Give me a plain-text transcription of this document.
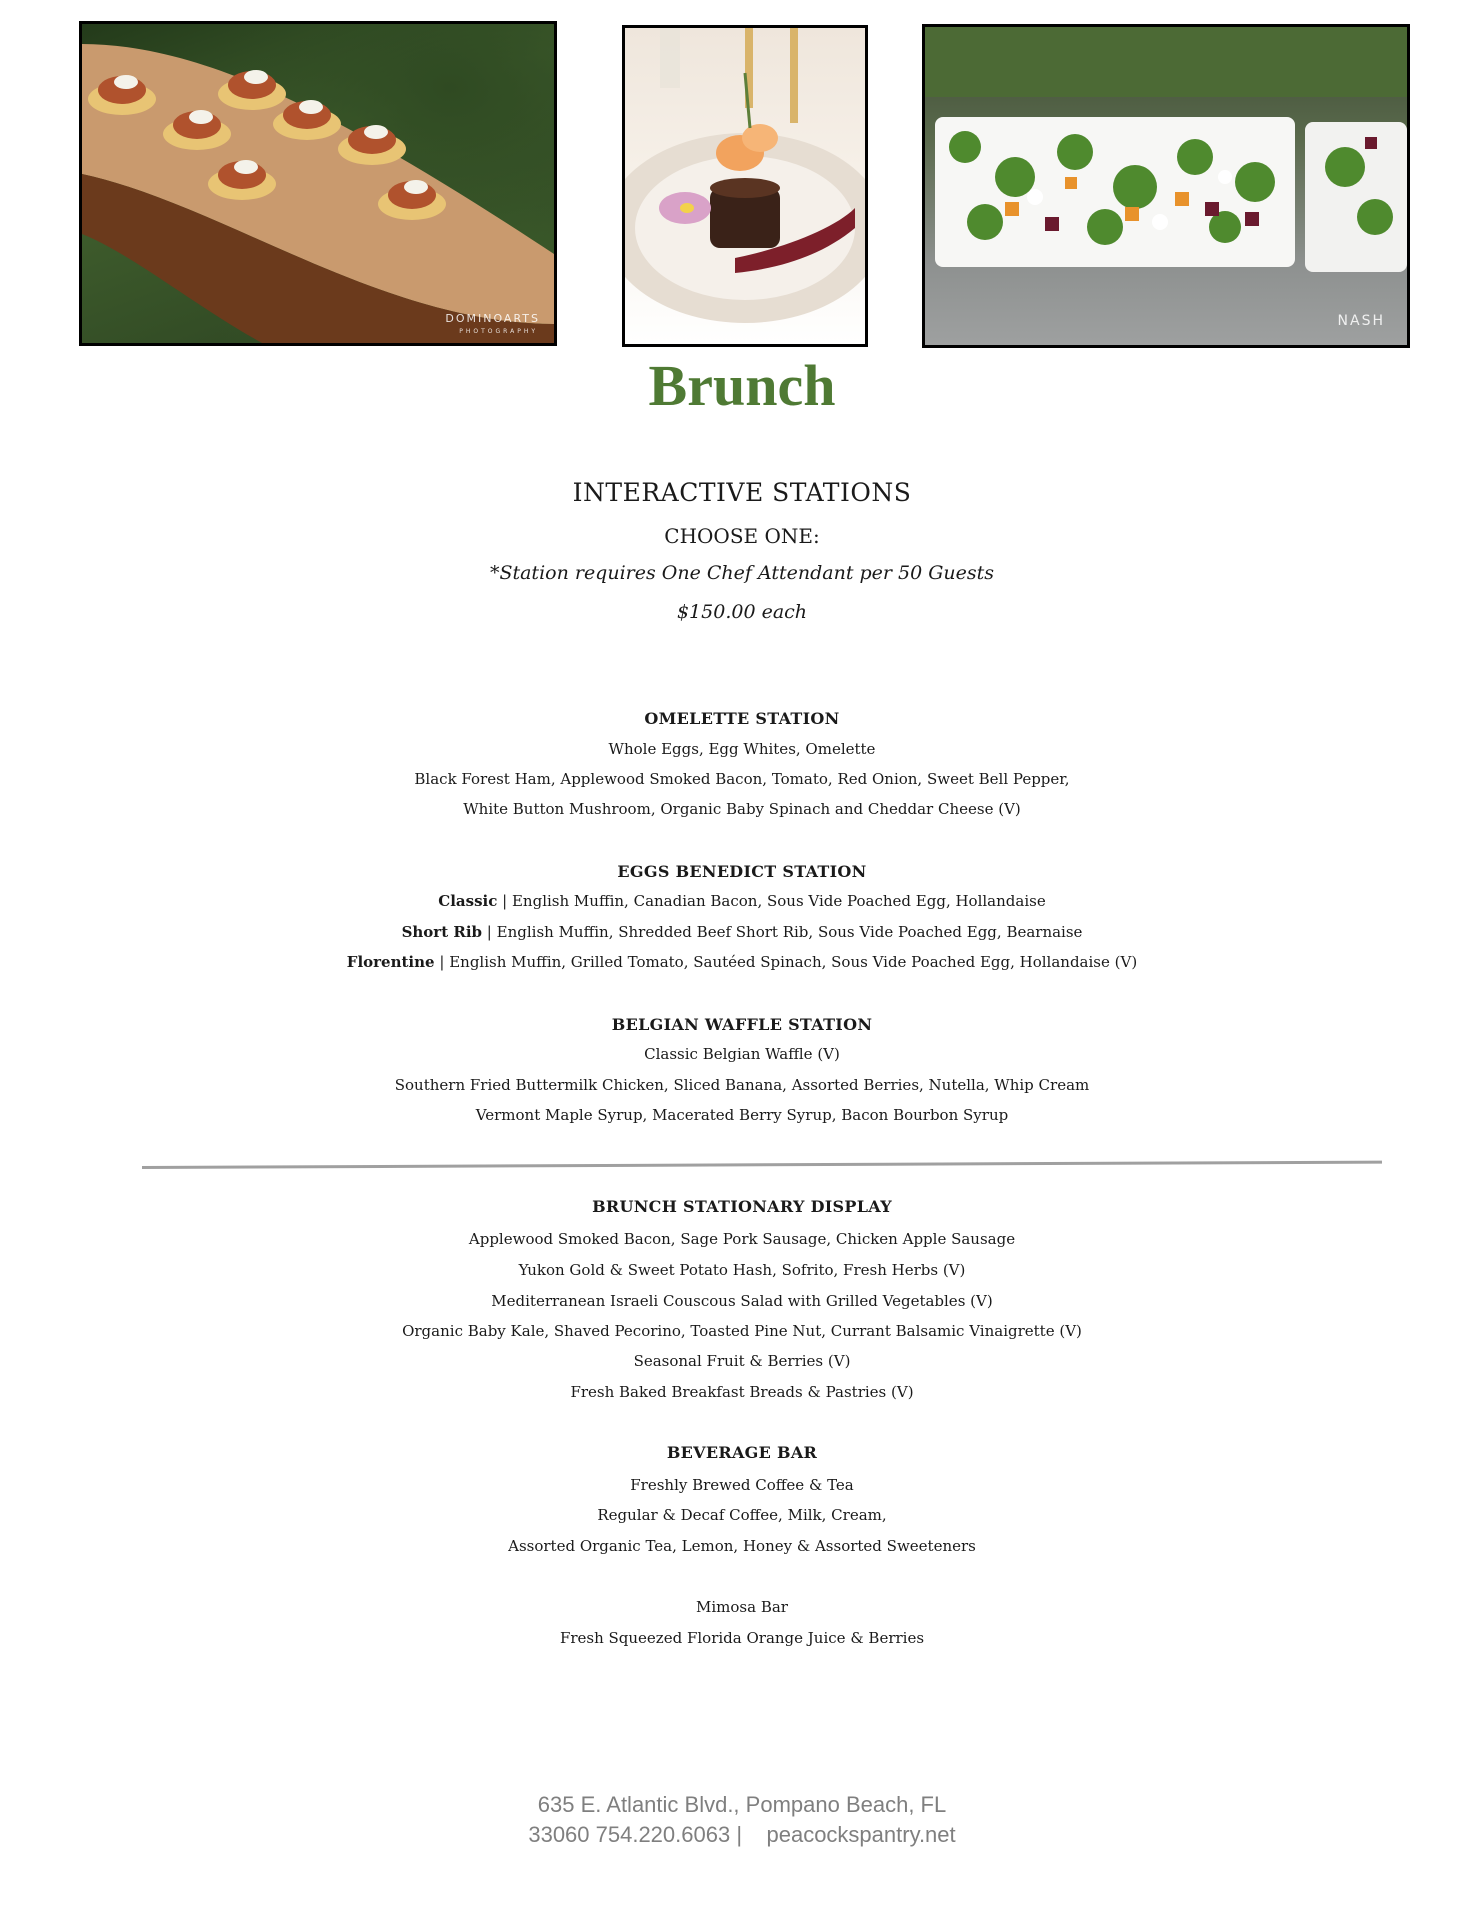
DOMINOARTS
PHOTOGRAPHY
NASH
Brunch

INTERACTIVE STATIONS

CHOOSE ONE:

*Station requires One Chef Attendant per 50 Guests

$150.00 each

OMELETTE STATION

Whole Eggs, Egg Whites, Omelette

Black Forest Ham, Applewood Smoked Bacon, Tomato, Red Onion, Sweet Bell Pepper,

White Button Mushroom, Organic Baby Spinach and Cheddar Cheese (V)

EGGS BENEDICT STATION

Classic | English Muffin, Canadian Bacon, Sous Vide Poached Egg, Hollandaise

Short Rib | English Muffin, Shredded Beef Short Rib, Sous Vide Poached Egg, Bearnaise

Florentine | English Muffin, Grilled Tomato, Sautéed Spinach, Sous Vide Poached Egg, Hollandaise (V)

BELGIAN WAFFLE STATION

Classic Belgian Waffle (V)

Southern Fried Buttermilk Chicken, Sliced Banana, Assorted Berries, Nutella, Whip Cream

Vermont Maple Syrup, Macerated Berry Syrup, Bacon Bourbon Syrup

BRUNCH STATIONARY DISPLAY

Applewood Smoked Bacon, Sage Pork Sausage, Chicken Apple Sausage

Yukon Gold & Sweet Potato Hash, Sofrito, Fresh Herbs (V)

Mediterranean Israeli Couscous Salad with Grilled Vegetables (V)

Organic Baby Kale, Shaved Pecorino, Toasted Pine Nut, Currant Balsamic Vinaigrette (V)

Seasonal Fruit & Berries (V)

Fresh Baked Breakfast Breads & Pastries (V)

BEVERAGE BAR

Freshly Brewed Coffee & Tea

Regular & Decaf Coffee, Milk, Cream,

Assorted Organic Tea, Lemon, Honey & Assorted Sweeteners

Mimosa Bar

Fresh Squeezed Florida Orange Juice & Berries

635 E. Atlantic Blvd., Pompano Beach, FL

33060 754.220.6063 |    peacockspantry.net
